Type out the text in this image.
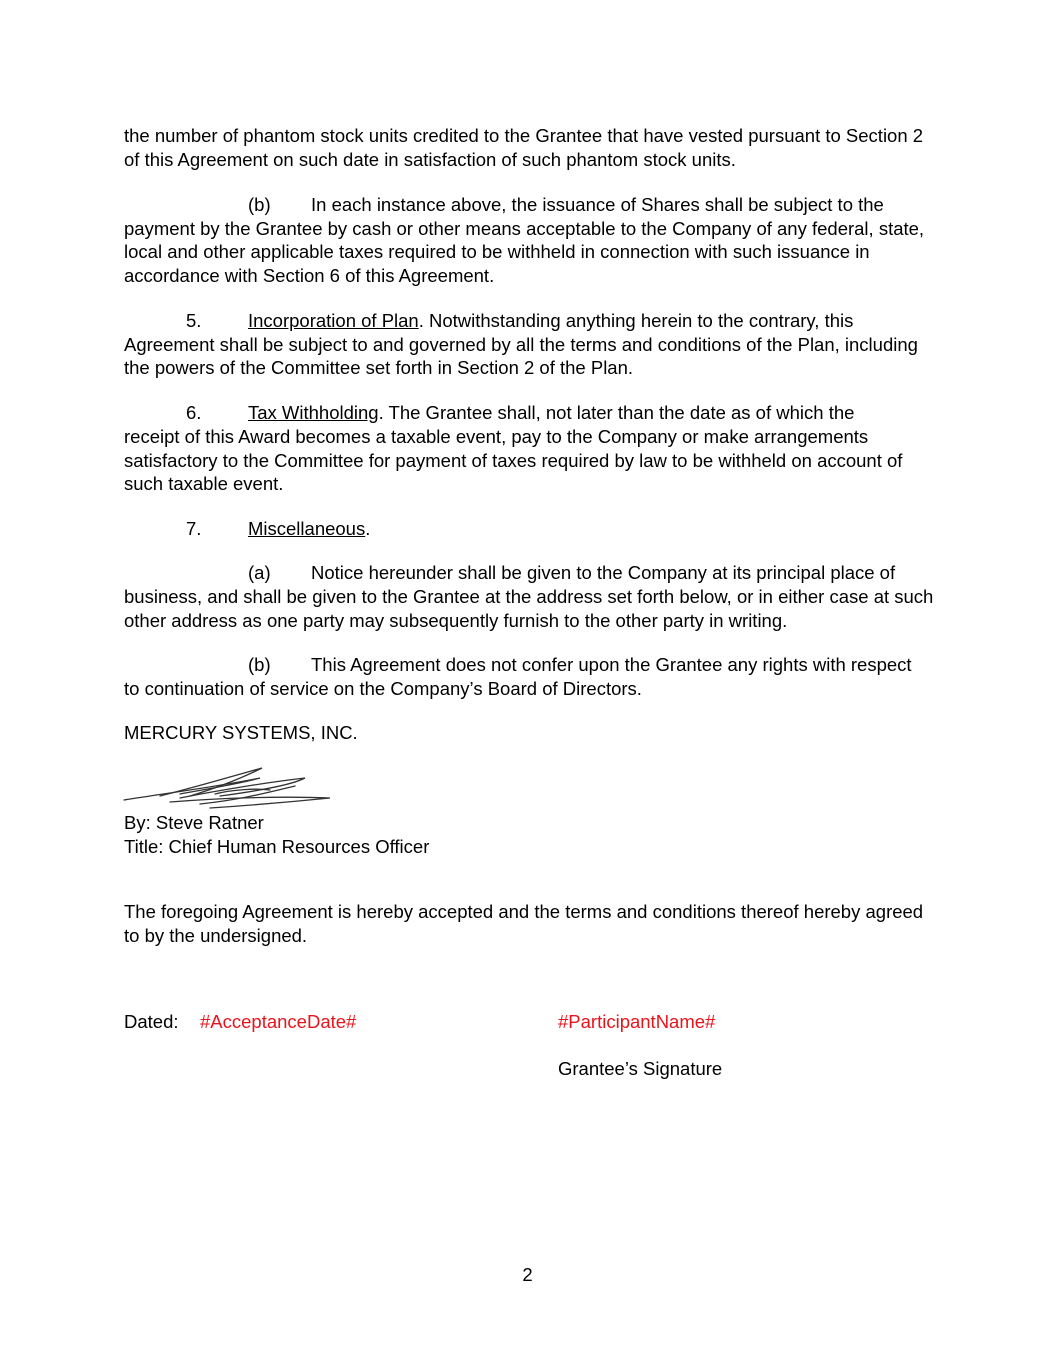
the number of phantom stock units credited to the Grantee that have vested pursuant to Section 2
of this Agreement on such date in satisfaction of such phantom stock units.
(b) In each instance above, the issuance of Shares shall be subject to the
payment by the Grantee by cash or other means acceptable to the Company of any federal, state,
local and other applicable taxes required to be withheld in connection with such issuance in
accordance with Section 6 of this Agreement.
5.	Incorporation of Plan. Notwithstanding anything herein to the contrary, this
Agreement shall be subject to and governed by all the terms and conditions of the Plan, including
the powers of the Committee set forth in Section 2 of the Plan.
6.	Tax Withholding. The Grantee shall, not later than the date as of which the
receipt of this Award becomes a taxable event, pay to the Company or make arrangements
satisfactory to the Committee for payment of taxes required by law to be withheld on account of
such taxable event.
7.	Miscellaneous.
(a) Notice hereunder shall be given to the Company at its principal place of
business, and shall be given to the Grantee at the address set forth below, or in either case at such
other address as one party may subsequently furnish to the other party in writing.
(b) This Agreement does not confer upon the Grantee any rights with respect
to continuation of service on the Company’s Board of Directors.
MERCURY SYSTEMS, INC.
By: Steve Ratner
Title: Chief Human Resources Officer
The foregoing Agreement is hereby accepted and the terms and conditions thereof hereby agreed
to by the undersigned.
Dated: #AcceptanceDate#	#ParticipantName#
Grantee’s Signature
2
